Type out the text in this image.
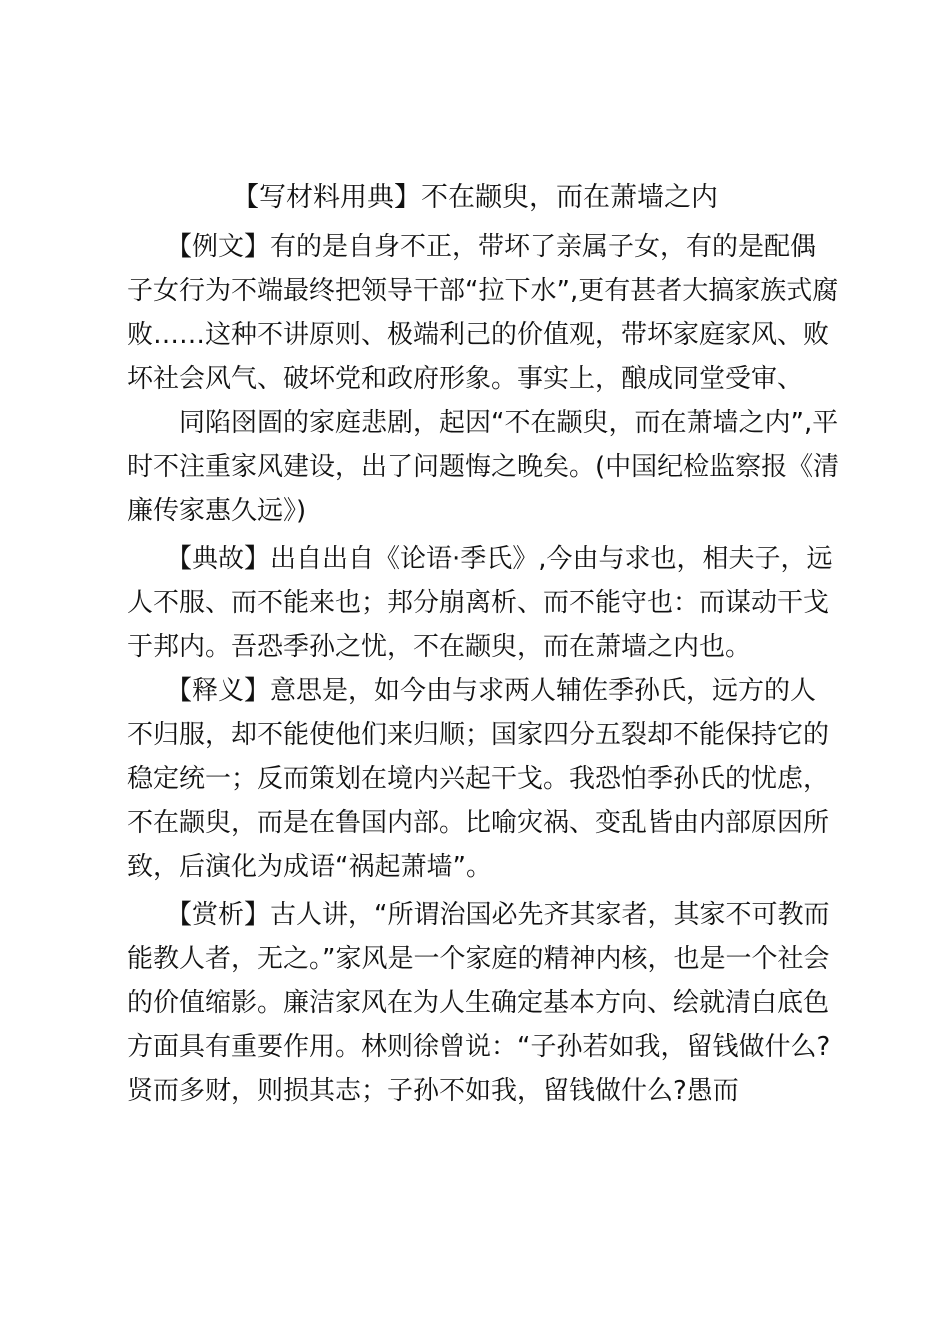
【写材料用典】不在颛臾，而在萧墙之内
　　【例文】有的是自身不正，带坏了亲属子女，有的是配偶
子女行为不端最终把领导干部“拉下水”,更有甚者大搞家族式腐
败……这种不讲原则、极端利己的价值观，带坏家庭家风、败
坏社会风气、破坏党和政府形象。事实上，酿成同堂受审、
　　同陷囹圄的家庭悲剧，起因“不在颛臾，而在萧墙之内”,平
时不注重家风建设，出了问题悔之晚矣。(中国纪检监察报《清
廉传家惠久远》)
　　【典故】出自出自《论语·季氏》,今由与求也，相夫子，远
人不服、而不能来也；邦分崩离析、而不能守也：而谋动干戈
于邦内。吾恐季孙之忧，不在颛臾，而在萧墙之内也。
　　【释义】意思是，如今由与求两人辅佐季孙氏，远方的人
不归服，却不能使他们来归顺；国家四分五裂却不能保持它的
稳定统一；反而策划在境内兴起干戈。我恐怕季孙氏的忧虑，
不在颛臾，而是在鲁国内部。比喻灾祸、变乱皆由内部原因所
致，后演化为成语“祸起萧墙”。
　　【赏析】古人讲，“所谓治国必先齐其家者，其家不可教而
能教人者，无之。”家风是一个家庭的精神内核，也是一个社会
的价值缩影。廉洁家风在为人生确定基本方向、绘就清白底色
方面具有重要作用。林则徐曾说：“子孙若如我，留钱做什么?
贤而多财，则损其志；子孙不如我，留钱做什么?愚而
